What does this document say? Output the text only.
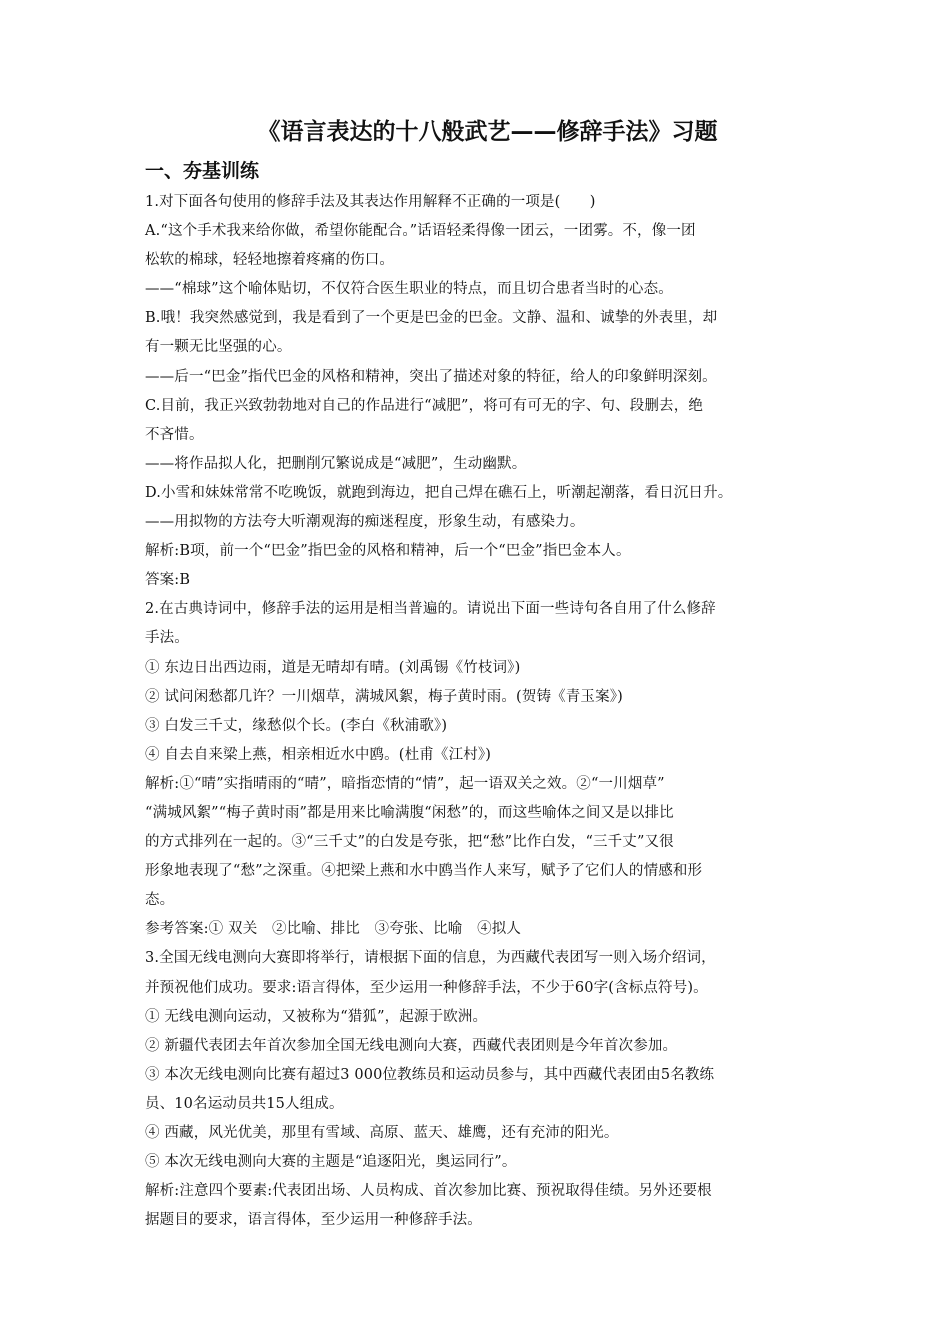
《语言表达的十八般武艺——修辞手法》习题
一、夯基训练

1.对下面各句使用的修辞手法及其表达作用解释不正确的一项是(　　)

A.“这个手术我来给你做，希望你能配合。”话语轻柔得像一团云，一团雾。不，像一团

松软的棉球，轻轻地擦着疼痛的伤口。

——“棉球”这个喻体贴切，不仅符合医生职业的特点，而且切合患者当时的心态。

B.哦！我突然感觉到，我是看到了一个更是巴金的巴金。文静、温和、诚挚的外表里，却

有一颗无比坚强的心。

——后一“巴金”指代巴金的风格和精神，突出了描述对象的特征，给人的印象鲜明深刻。

C.目前，我正兴致勃勃地对自己的作品进行“减肥”，将可有可无的字、句、段删去，绝

不吝惜。

——将作品拟人化，把删削冗繁说成是“减肥”，生动幽默。

D.小雪和妹妹常常不吃晚饭，就跑到海边，把自己焊在礁石上，听潮起潮落，看日沉日升。

——用拟物的方法夸大听潮观海的痴迷程度，形象生动，有感染力。

解析:B项，前一个“巴金”指巴金的风格和精神，后一个“巴金”指巴金本人。

答案:B

2.在古典诗词中，修辞手法的运用是相当普遍的。请说出下面一些诗句各自用了什么修辞

手法。

① 东边日出西边雨，道是无晴却有晴。(刘禹锡《竹枝词》)

② 试问闲愁都几许？一川烟草，满城风絮，梅子黄时雨。(贺铸《青玉案》)

③ 白发三千丈，缘愁似个长。(李白《秋浦歌》)

④ 自去自来梁上燕，相亲相近水中鸥。(杜甫《江村》)

解析:①“晴”实指晴雨的“晴”，暗指恋情的“情”，起一语双关之效。②“一川烟草”

“满城风絮”“梅子黄时雨”都是用来比喻满腹“闲愁”的，而这些喻体之间又是以排比

的方式排列在一起的。③“三千丈”的白发是夸张，把“愁”比作白发，“三千丈”又很

形象地表现了“愁”之深重。④把梁上燕和水中鸥当作人来写，赋予了它们人的情感和形

态。

参考答案:① 双关　②比喻、排比　③夸张、比喻　④拟人

3.全国无线电测向大赛即将举行，请根据下面的信息，为西藏代表团写一则入场介绍词，

并预祝他们成功。要求:语言得体，至少运用一种修辞手法，不少于60字(含标点符号)。

① 无线电测向运动，又被称为“猎狐”，起源于欧洲。

② 新疆代表团去年首次参加全国无线电测向大赛，西藏代表团则是今年首次参加。

③ 本次无线电测向比赛有超过3 000位教练员和运动员参与，其中西藏代表团由5名教练

员、10名运动员共15人组成。

④ 西藏，风光优美，那里有雪域、高原、蓝天、雄鹰，还有充沛的阳光。

⑤ 本次无线电测向大赛的主题是“追逐阳光，奥运同行”。

解析:注意四个要素:代表团出场、人员构成、首次参加比赛、预祝取得佳绩。另外还要根

据题目的要求，语言得体，至少运用一种修辞手法。
